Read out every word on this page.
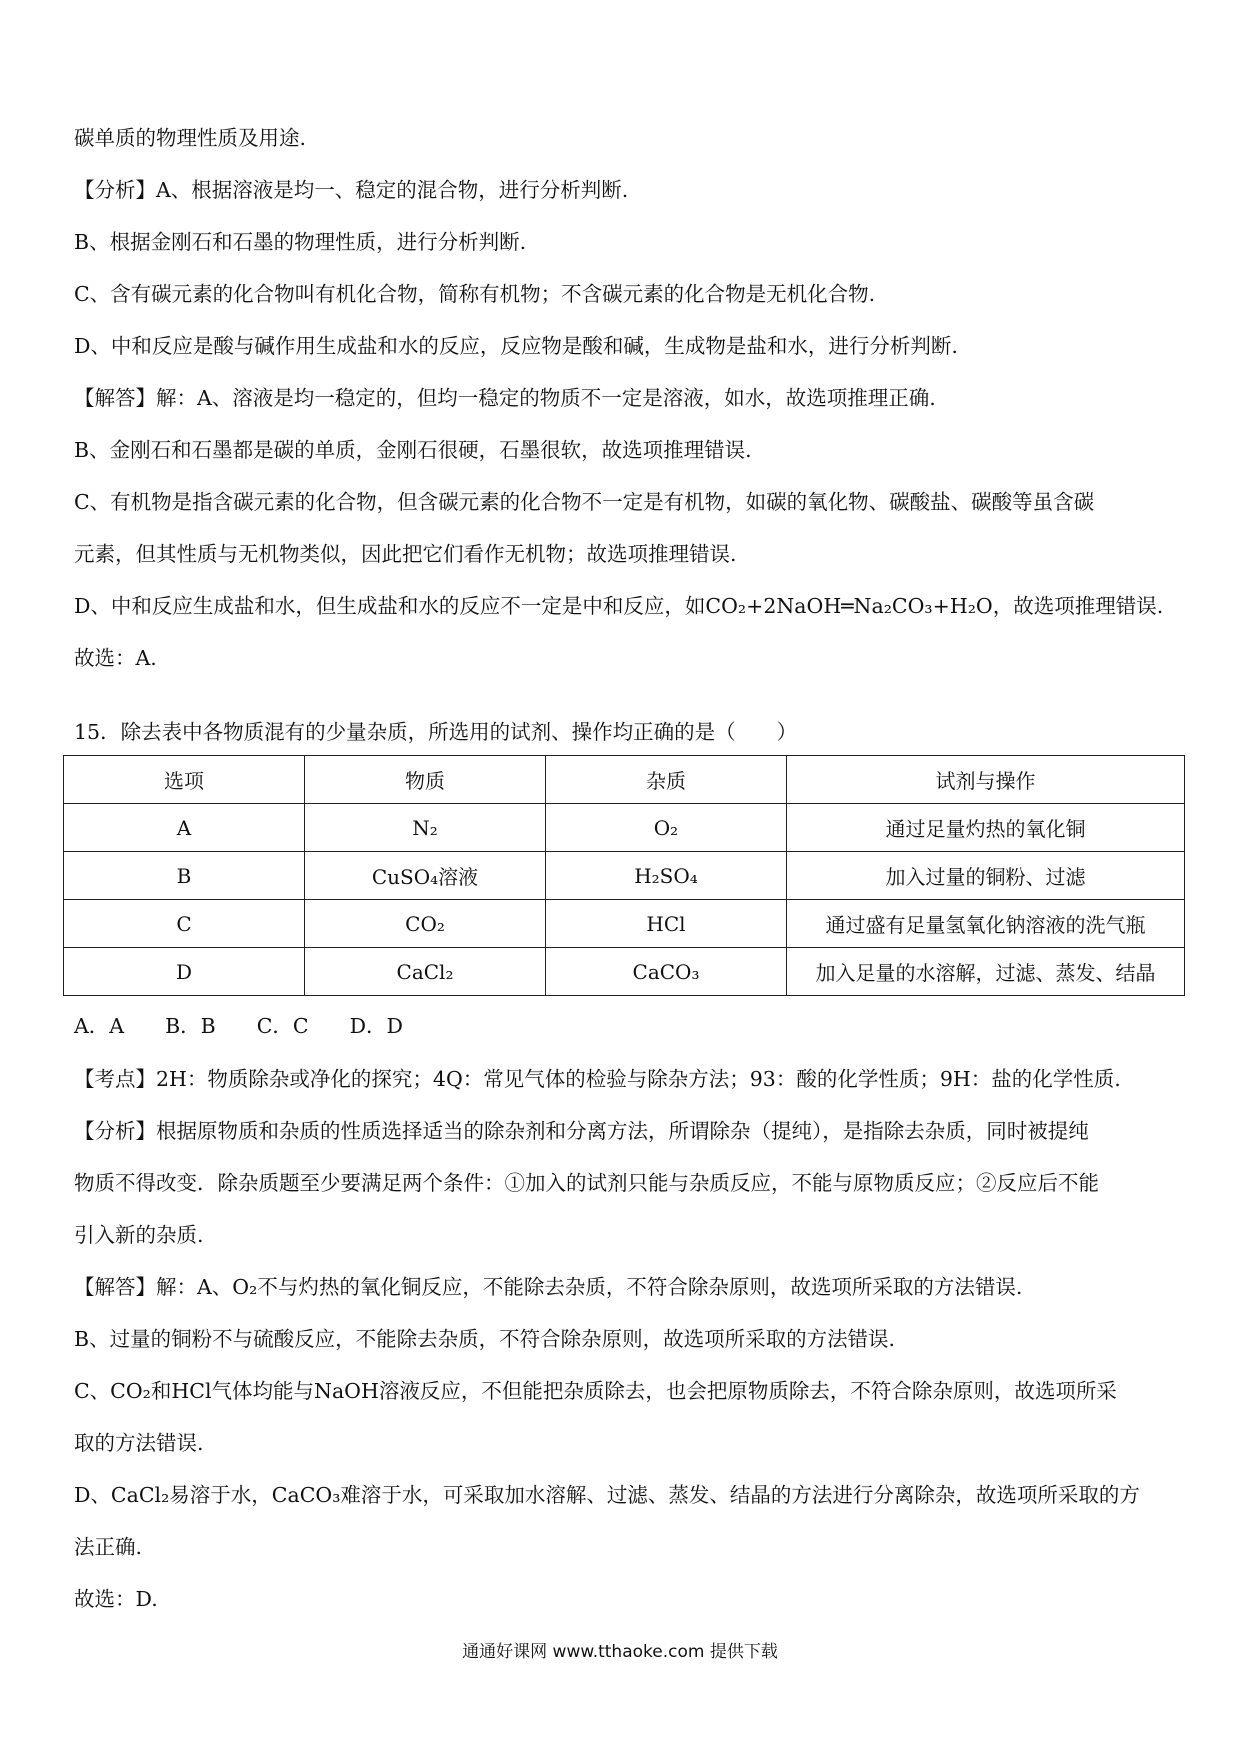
碳单质的物理性质及用途.
【分析】A、根据溶液是均一、稳定的混合物，进行分析判断.
B、根据金刚石和石墨的物理性质，进行分析判断.
C、含有碳元素的化合物叫有机化合物，简称有机物；不含碳元素的化合物是无机化合物.
D、中和反应是酸与碱作用生成盐和水的反应，反应物是酸和碱，生成物是盐和水，进行分析判断.
【解答】解：A、溶液是均一稳定的，但均一稳定的物质不一定是溶液，如水，故选项推理正确.
B、金刚石和石墨都是碳的单质，金刚石很硬，石墨很软，故选项推理错误.
C、有机物是指含碳元素的化合物，但含碳元素的化合物不一定是有机物，如碳的氧化物、碳酸盐、碳酸等虽含碳
元素，但其性质与无机物类似，因此把它们看作无机物；故选项推理错误.
D、中和反应生成盐和水，但生成盐和水的反应不一定是中和反应，如CO₂+2NaOH═Na₂CO₃+H₂O，故选项推理错误.
故选：A.
15．除去表中各物质混有的少量杂质，所选用的试剂、操作均正确的是（　　）
选项	物质	杂质	试剂与操作
A	N₂	O₂	通过足量灼热的氧化铜
B	CuSO₄溶液	H₂SO₄	加入过量的铜粉、过滤
C	CO₂	HCl	通过盛有足量氢氧化钠溶液的洗气瓶
D	CaCl₂	CaCO₃	加入足量的水溶解，过滤、蒸发、结晶
A．A　　B．B　　C．C　　D．D
【考点】2H：物质除杂或净化的探究；4Q：常见气体的检验与除杂方法；93：酸的化学性质；9H：盐的化学性质.
【分析】根据原物质和杂质的性质选择适当的除杂剂和分离方法，所谓除杂（提纯），是指除去杂质，同时被提纯
物质不得改变．除杂质题至少要满足两个条件：①加入的试剂只能与杂质反应，不能与原物质反应；②反应后不能
引入新的杂质.
【解答】解：A、O₂不与灼热的氧化铜反应，不能除去杂质，不符合除杂原则，故选项所采取的方法错误.
B、过量的铜粉不与硫酸反应，不能除去杂质，不符合除杂原则，故选项所采取的方法错误.
C、CO₂和HCl气体均能与NaOH溶液反应，不但能把杂质除去，也会把原物质除去，不符合除杂原则，故选项所采
取的方法错误.
D、CaCl₂易溶于水，CaCO₃难溶于水，可采取加水溶解、过滤、蒸发、结晶的方法进行分离除杂，故选项所采取的方
法正确.
故选：D.
通通好课网 www.tthaoke.com 提供下载
